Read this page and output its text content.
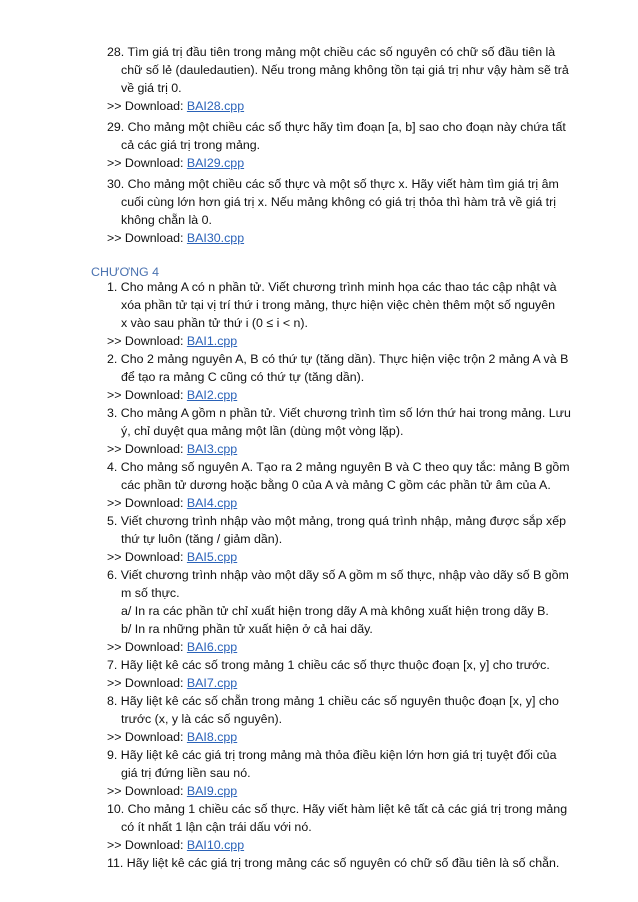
28. Tìm giá trị đầu tiên trong mảng một chiều các số nguyên có chữ số đầu tiên là
chữ số lẻ (dauledautien). Nếu trong mảng không tồn tại giá trị như vậy hàm sẽ trả
về giá trị 0.
>> Download: BAI28.cpp
29. Cho mảng một chiều các số thực hãy tìm đoạn [a, b] sao cho đoạn này chứa tất
cả các giá trị trong mảng.
>> Download: BAI29.cpp
30. Cho mảng một chiều các số thực và một số thực x. Hãy viết hàm tìm giá trị âm
cuối cùng lớn hơn giá trị x. Nếu mảng không có giá trị thỏa thì hàm trả về giá trị
không chẵn là 0.
>> Download: BAI30.cpp
CHƯƠNG 4
1. Cho mảng A có n phần tử. Viết chương trình minh họa các thao tác cập nhật và
xóa phần tử tại vị trí thứ i trong mảng, thực hiện việc chèn thêm một số nguyên
x vào sau phần tử thứ i (0 ≤ i < n).
>> Download: BAI1.cpp
2. Cho 2 mảng nguyên A, B có thứ tự (tăng dần). Thực hiện việc trộn 2 mảng A và B
để tạo ra mảng C cũng có thứ tự (tăng dần).
>> Download: BAI2.cpp
3. Cho mảng A gồm n phần tử. Viết chương trình tìm số lớn thứ hai trong mảng. Lưu
ý, chỉ duyệt qua mảng một lần (dùng một vòng lặp).
>> Download: BAI3.cpp
4. Cho mảng số nguyên A. Tạo ra 2 mảng nguyên B và C theo quy tắc: mảng B gồm
các phần tử dương hoặc bằng 0 của A và mảng C gồm các phần tử âm của A.
>> Download: BAI4.cpp
5. Viết chương trình nhập vào một mảng, trong quá trình nhập, mảng được sắp xếp
thứ tự luôn (tăng / giảm dần).
>> Download: BAI5.cpp
6. Viết chương trình nhập vào một dãy số A gồm m số thực, nhập vào dãy số B gồm
m số thực.
a/ In ra các phần tử chỉ xuất hiện trong dãy A mà không xuất hiện trong dãy B.
b/ In ra những phần tử xuất hiện ở cả hai dãy.
>> Download: BAI6.cpp
7. Hãy liệt kê các số trong mảng 1 chiều các số thực thuộc đoạn [x, y] cho trước.
>> Download: BAI7.cpp
8. Hãy liệt kê các số chẵn trong mảng 1 chiều các số nguyên thuộc đoạn [x, y] cho
trước (x, y là các số nguyên).
>> Download: BAI8.cpp
9. Hãy liệt kê các giá trị trong mảng mà thỏa điều kiện lớn hơn giá trị tuyệt đối của
giá trị đứng liền sau nó.
>> Download: BAI9.cpp
10. Cho mảng 1 chiều các số thực. Hãy viết hàm liệt kê tất cả các giá trị trong mảng
có ít nhất 1 lận cận trái dấu với nó.
>> Download: BAI10.cpp
11. Hãy liệt kê các giá trị trong mảng các số nguyên có chữ số đầu tiên là số chẵn.
